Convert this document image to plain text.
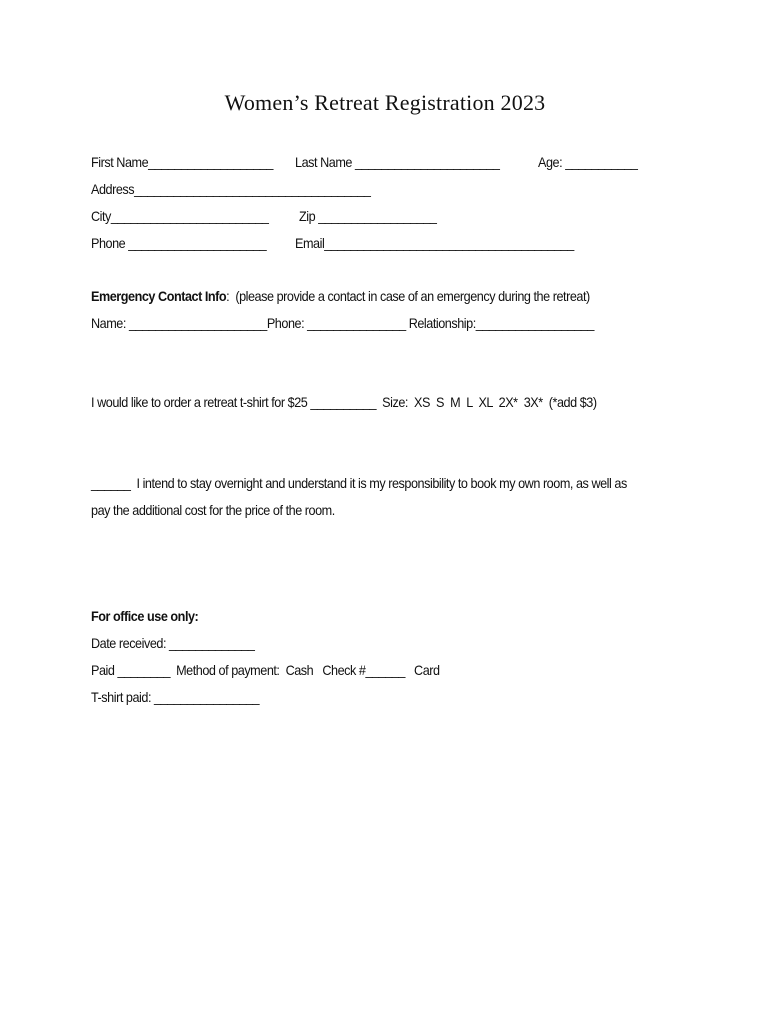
Women’s Retreat Registration 2023
First Name___________________ Last Name ______________________	Age: ___________
Address____________________________________
City________________________ Zip __________________
Phone _____________________ Email______________________________________
Emergency Contact Info:  (please provide a contact in case of an emergency during the retreat)
Name: _____________________Phone: _______________ Relationship:__________________
I would like to order a retreat t-shirt for $25 __________  Size:  XS  S  M  L  XL  2X*  3X*  (*add $3)
______  I intend to stay overnight and understand it is my responsibility to book my own room, as well as
pay the additional cost for the price of the room.
For office use only:
Date received: _____________
Paid ________  Method of payment:  Cash   Check #______   Card
T-shirt paid: ________________
